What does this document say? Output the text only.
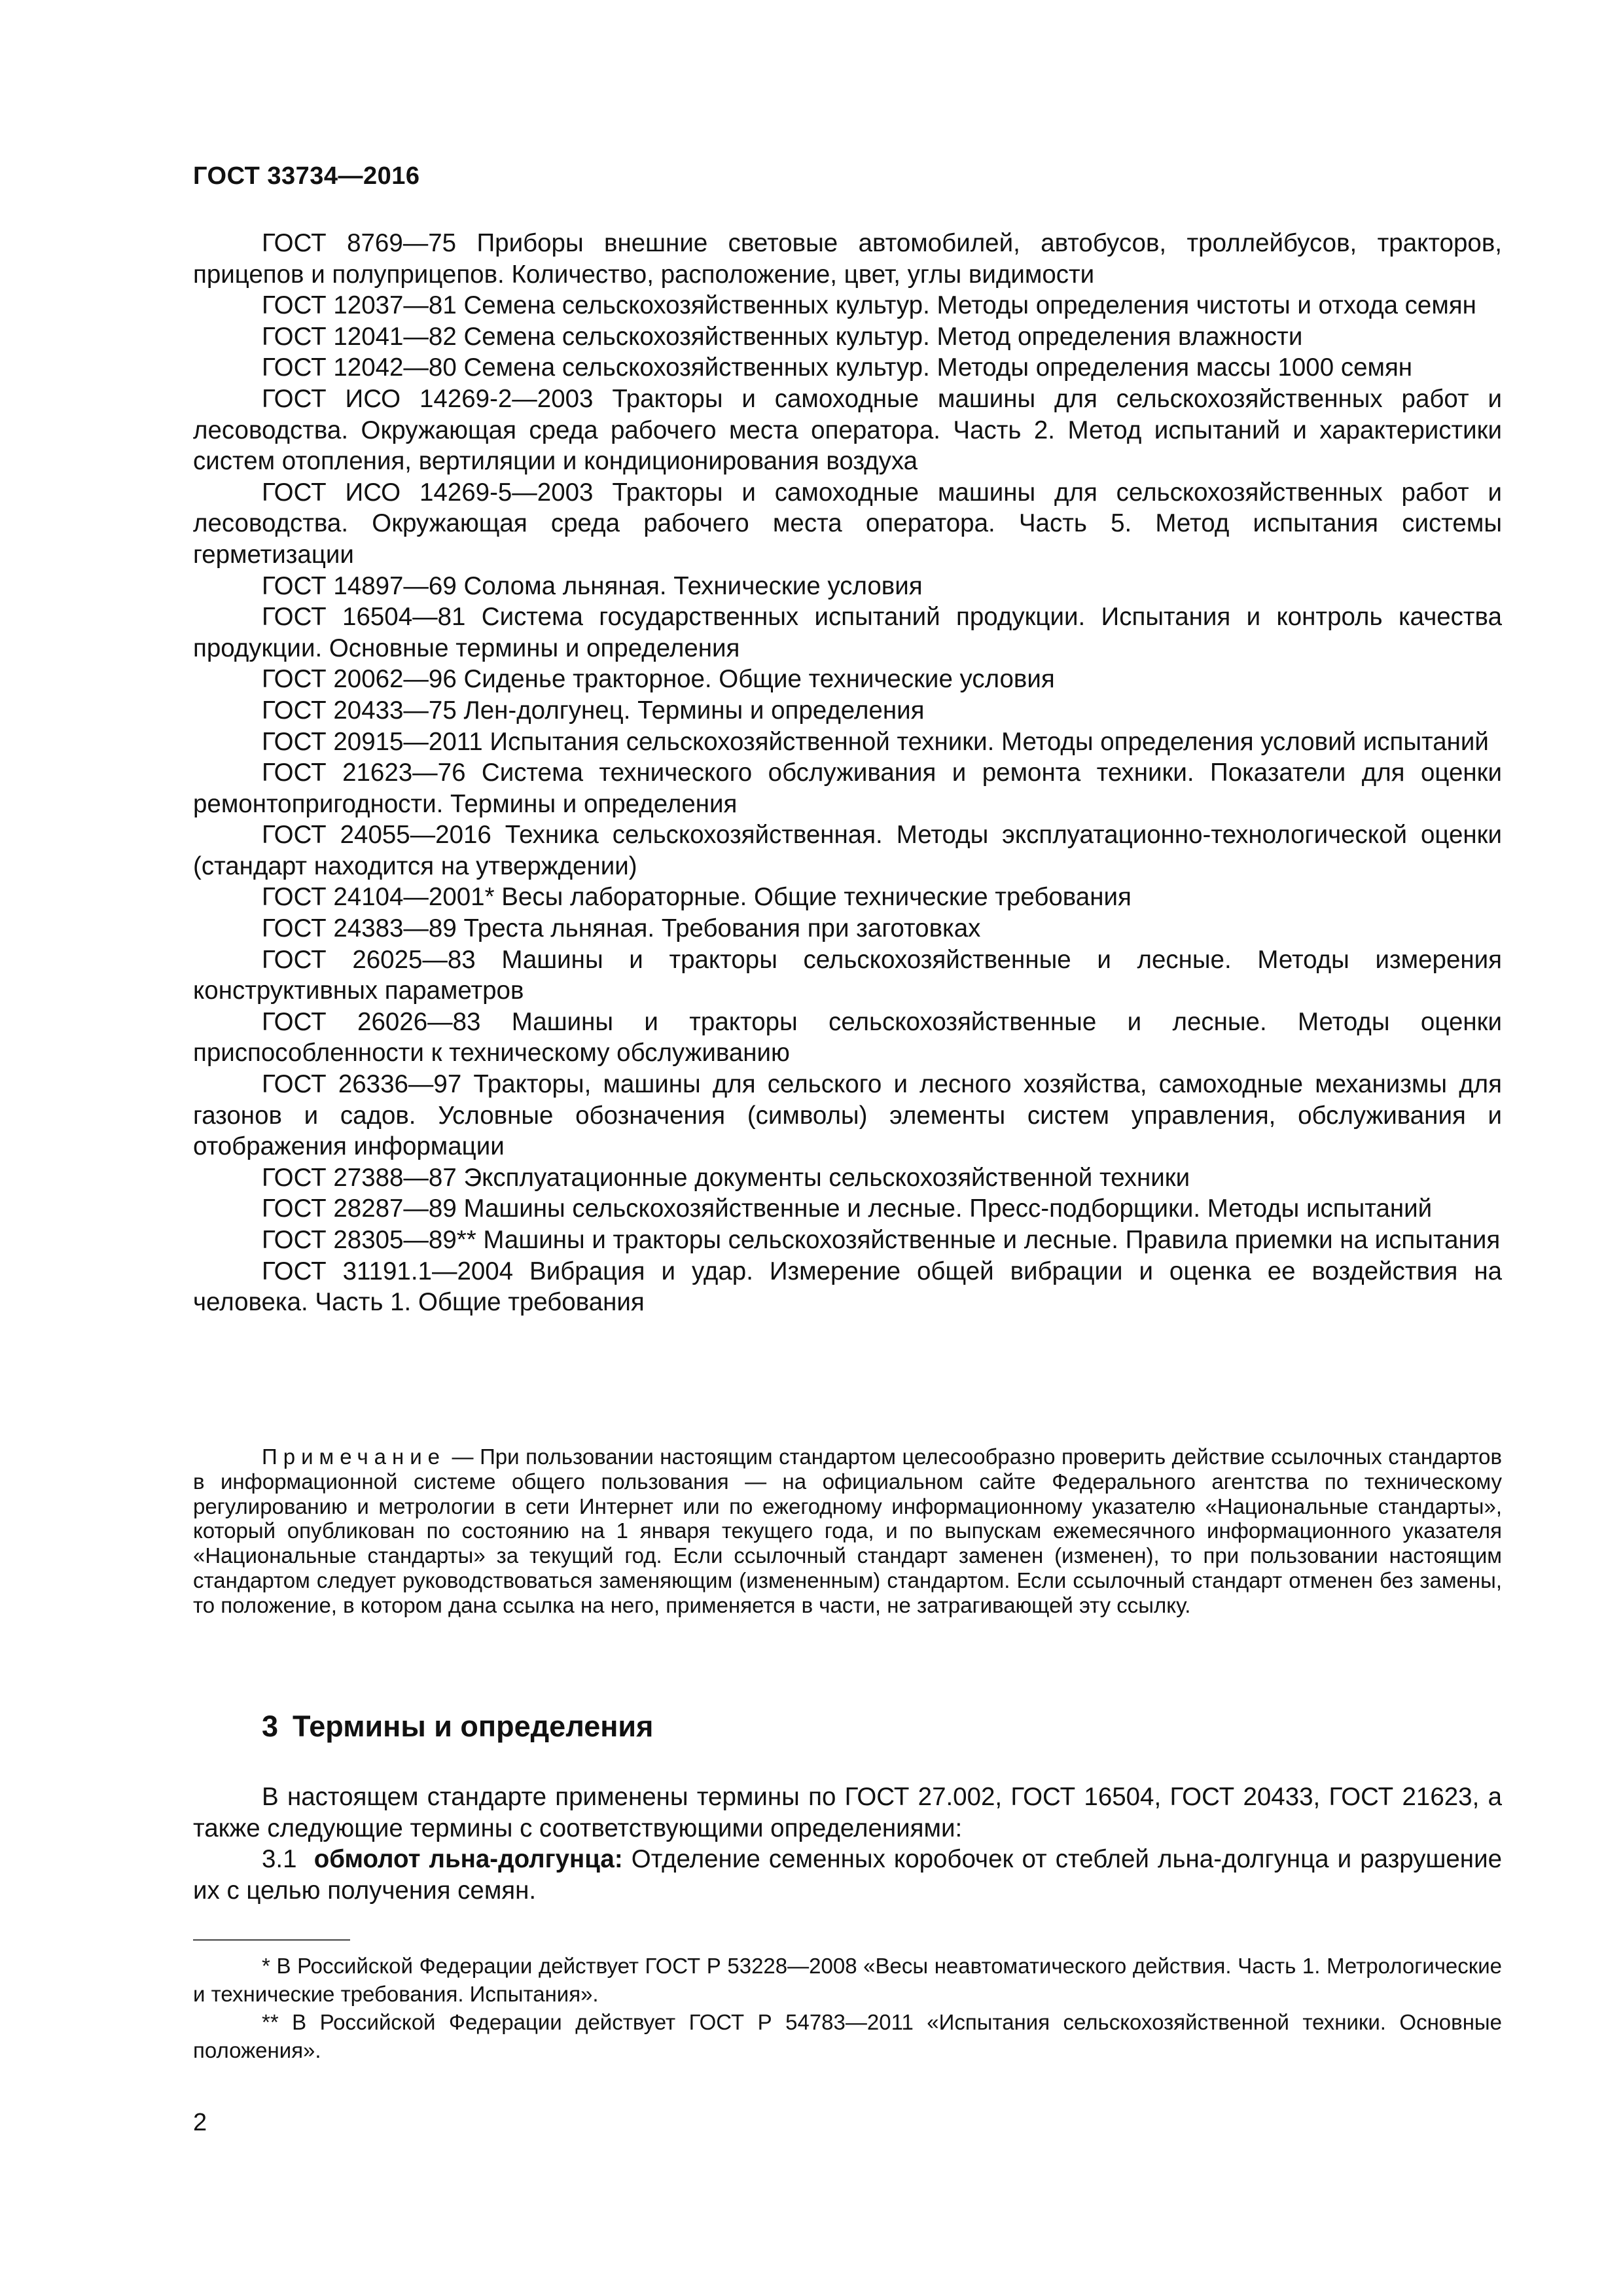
ГОСТ 33734—2016

ГОСТ 8769—75 Приборы внешние световые автомобилей, автобусов, троллейбусов, тракторов, прицепов и полуприцепов. Количество, расположение, цвет, углы видимости

ГОСТ 12037—81 Семена сельскохозяйственных культур. Методы определения чистоты и отхода семян

ГОСТ 12041—82 Семена сельскохозяйственных культур. Метод определения влажности

ГОСТ 12042—80 Семена сельскохозяйственных культур. Методы определения массы 1000 семян

ГОСТ ИСО 14269-2—2003 Тракторы и самоходные машины для сельскохозяйственных работ и лесоводства. Окружающая среда рабочего места оператора. Часть 2. Метод испытаний и характеристики систем отопления, вертиляции и кондиционирования воздуха

ГОСТ ИСО 14269-5—2003 Тракторы и самоходные машины для сельскохозяйственных работ и лесоводства. Окружающая среда рабочего места оператора. Часть 5. Метод испытания системы герметизации

ГОСТ 14897—69 Солома льняная. Технические условия

ГОСТ 16504—81 Система государственных испытаний продукции. Испытания и контроль качества продукции. Основные термины и определения

ГОСТ 20062—96 Сиденье тракторное. Общие технические условия

ГОСТ 20433—75 Лен-долгунец. Термины и определения

ГОСТ 20915—2011 Испытания сельскохозяйственной техники. Методы определения условий испытаний

ГОСТ 21623—76 Система технического обслуживания и ремонта техники. Показатели для оценки ремонтопригодности. Термины и определения

ГОСТ 24055—2016 Техника сельскохозяйственная. Методы эксплуатационно-технологической оценки (стандарт находится на утверждении)

ГОСТ 24104—2001* Весы лабораторные. Общие технические требования

ГОСТ 24383—89 Треста льняная. Требования при заготовках

ГОСТ 26025—83 Машины и тракторы сельскохозяйственные и лесные. Методы измерения конструктивных параметров

ГОСТ 26026—83 Машины и тракторы сельскохозяйственные и лесные. Методы оценки приспособленности к техническому обслуживанию

ГОСТ 26336—97 Тракторы, машины для сельского и лесного хозяйства, самоходные механизмы для газонов и садов. Условные обозначения (символы) элементы систем управления, обслуживания и отображения информации

ГОСТ 27388—87 Эксплуатационные документы сельскохозяйственной техники

ГОСТ 28287—89 Машины сельскохозяйственные и лесные. Пресс-подборщики. Методы испытаний

ГОСТ 28305—89** Машины и тракторы сельскохозяйственные и лесные. Правила приемки на испытания

ГОСТ 31191.1—2004 Вибрация и удар. Измерение общей вибрации и оценка ее воздействия на человека. Часть 1. Общие требования

Примечание — При пользовании настоящим стандартом целесообразно проверить действие ссылочных стандартов в информационной системе общего пользования — на официальном сайте Федерального агентства по техническому регулированию и метрологии в сети Интернет или по ежегодному информационному указателю «Национальные стандарты», который опубликован по состоянию на 1 января текущего года, и по выпускам ежемесячного информационного указателя «Национальные стандарты» за текущий год. Если ссылочный стандарт заменен (изменен), то при пользовании настоящим стандартом следует руководствоваться заменяющим (измененным) стандартом. Если ссылочный стандарт отменен без замены, то положение, в котором дана ссылка на него, применяется в части, не затрагивающей эту ссылку.

3 Термины и определения

В настоящем стандарте применены термины по ГОСТ 27.002, ГОСТ 16504, ГОСТ 20433, ГОСТ 21623, а также следующие термины с соответствующими определениями:

3.1 обмолот льна-долгунца: Отделение семенных коробочек от стеблей льна-долгунца и разрушение их с целью получения семян.

* В Российской Федерации действует ГОСТ Р 53228—2008 «Весы неавтоматического действия. Часть 1. Метрологические и технические требования. Испытания».

** В Российской Федерации действует ГОСТ Р 54783—2011 «Испытания сельскохозяйственной техники. Основные положения».

2
